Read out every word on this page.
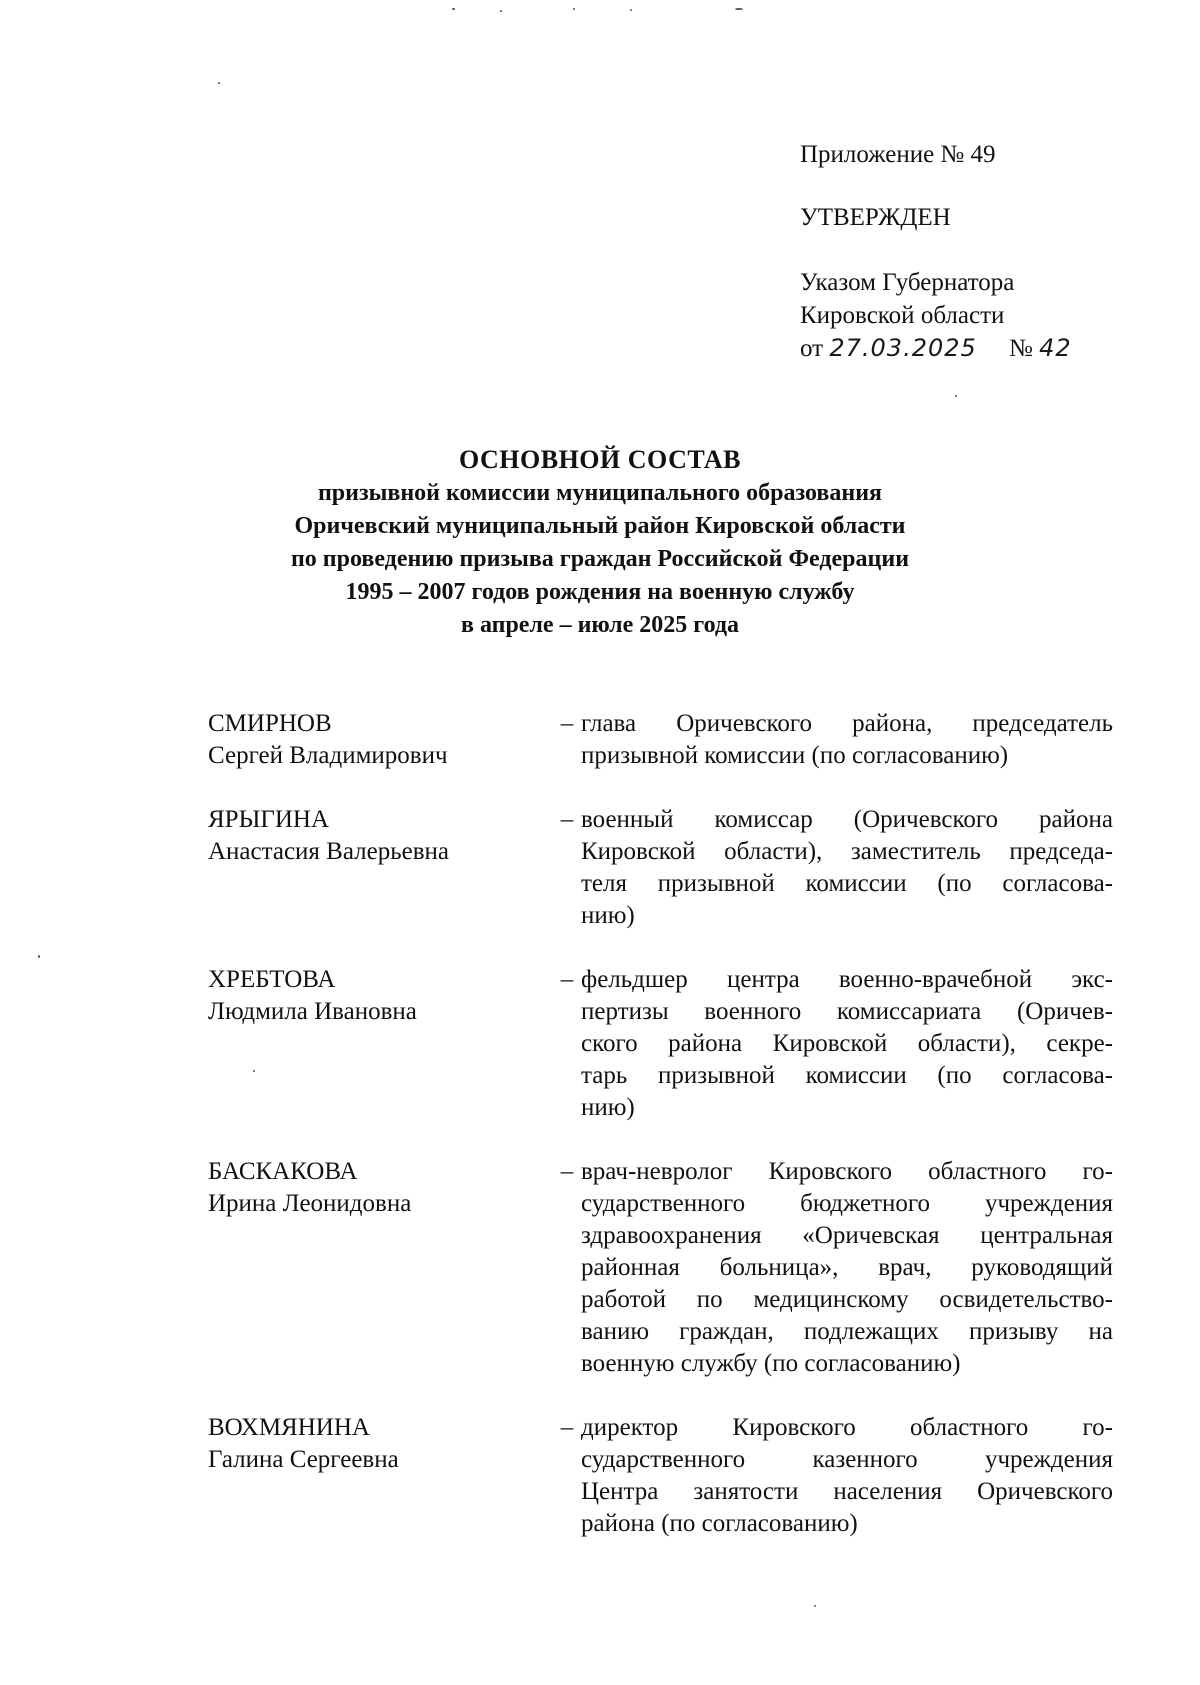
Приложение № 49
УТВЕРЖДЕН
Указом Губернатора
Кировской области
от 27.03.2025 № 42
ОСНОВНОЙ СОСТАВ
призывной комиссии муниципального образования
Оричевский муниципальный район Кировской области
по проведению призыва граждан Российской Федерации
1995 – 2007 годов рождения на военную службу
в апреле – июле 2025 года
СМИРНОВ
Сергей Владимирович
– глава Оричевского района, председатель
призывной комиссии (по согласованию)
ЯРЫГИНА
Анастасия Валерьевна
– военный комиссар (Оричевского района
Кировской области), заместитель председа-
теля призывной комиссии (по согласова-
нию)
ХРЕБТОВА
Людмила Ивановна
– фельдшер центра военно-врачебной экс-
пертизы военного комиссариата (Оричев-
ского района Кировской области), секре-
тарь призывной комиссии (по согласова-
нию)
БАСКАКОВА
Ирина Леонидовна
– врач-невролог Кировского областного го-
сударственного бюджетного учреждения
здравоохранения «Оричевская центральная
районная больница», врач, руководящий
работой по медицинскому освидетельство-
ванию граждан, подлежащих призыву на
военную службу (по согласованию)
ВОХМЯНИНА
Галина Сергеевна
– директор Кировского областного го-
сударственного казенного учреждения
Центра занятости населения Оричевского
района (по согласованию)
